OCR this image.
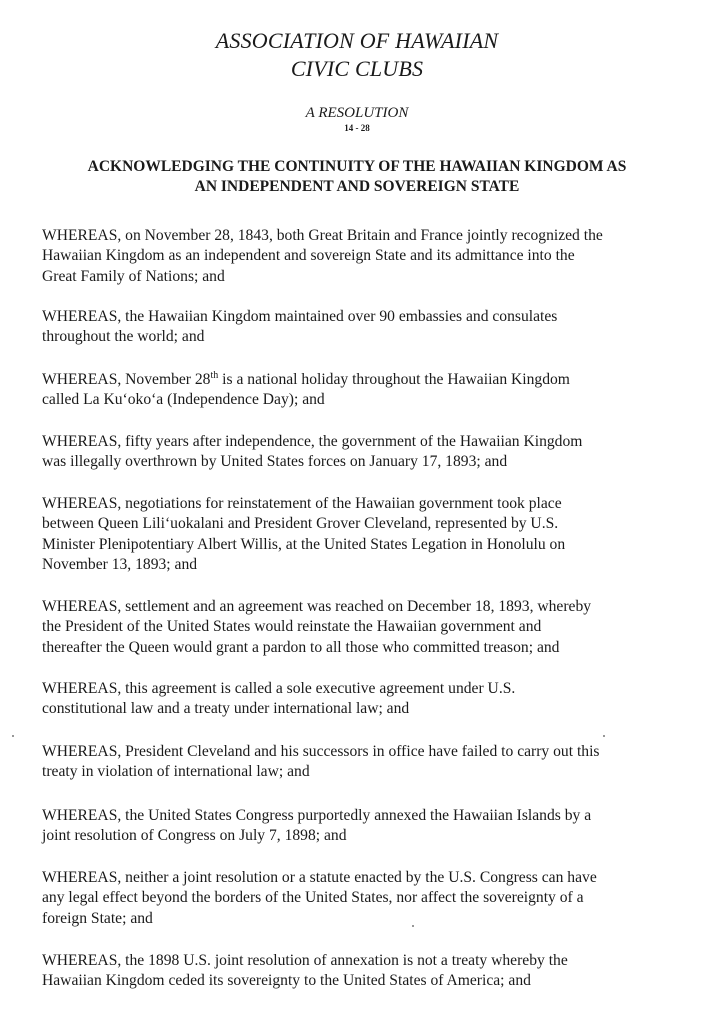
ASSOCIATION OF HAWAIIAN
CIVIC CLUBS
A RESOLUTION
14 - 28
ACKNOWLEDGING THE CONTINUITY OF THE HAWAIIAN KINGDOM AS
AN INDEPENDENT AND SOVEREIGN STATE

WHEREAS, on November 28, 1843, both Great Britain and France jointly recognized the
Hawaiian Kingdom as an independent and sovereign State and its admittance into the
Great Family of Nations; and

WHEREAS, the Hawaiian Kingdom maintained over 90 embassies and consulates
throughout the world; and

WHEREAS, November 28th is a national holiday throughout the Hawaiian Kingdom
called La Kuʻokoʻa (Independence Day); and

WHEREAS, fifty years after independence, the government of the Hawaiian Kingdom
was illegally overthrown by United States forces on January 17, 1893; and

WHEREAS, negotiations for reinstatement of the Hawaiian government took place
between Queen Liliʻuokalani and President Grover Cleveland, represented by U.S.
Minister Plenipotentiary Albert Willis, at the United States Legation in Honolulu on
November 13, 1893; and

WHEREAS, settlement and an agreement was reached on December 18, 1893, whereby
the President of the United States would reinstate the Hawaiian government and
thereafter the Queen would grant a pardon to all those who committed treason; and

WHEREAS, this agreement is called a sole executive agreement under U.S.
constitutional law and a treaty under international law; and

WHEREAS, President Cleveland and his successors in office have failed to carry out this
treaty in violation of international law; and

WHEREAS, the United States Congress purportedly annexed the Hawaiian Islands by a
joint resolution of Congress on July 7, 1898; and

WHEREAS, neither a joint resolution or a statute enacted by the U.S. Congress can have
any legal effect beyond the borders of the United States, nor affect the sovereignty of a
foreign State; and

WHEREAS, the 1898 U.S. joint resolution of annexation is not a treaty whereby the
Hawaiian Kingdom ceded its sovereignty to the United States of America; and
